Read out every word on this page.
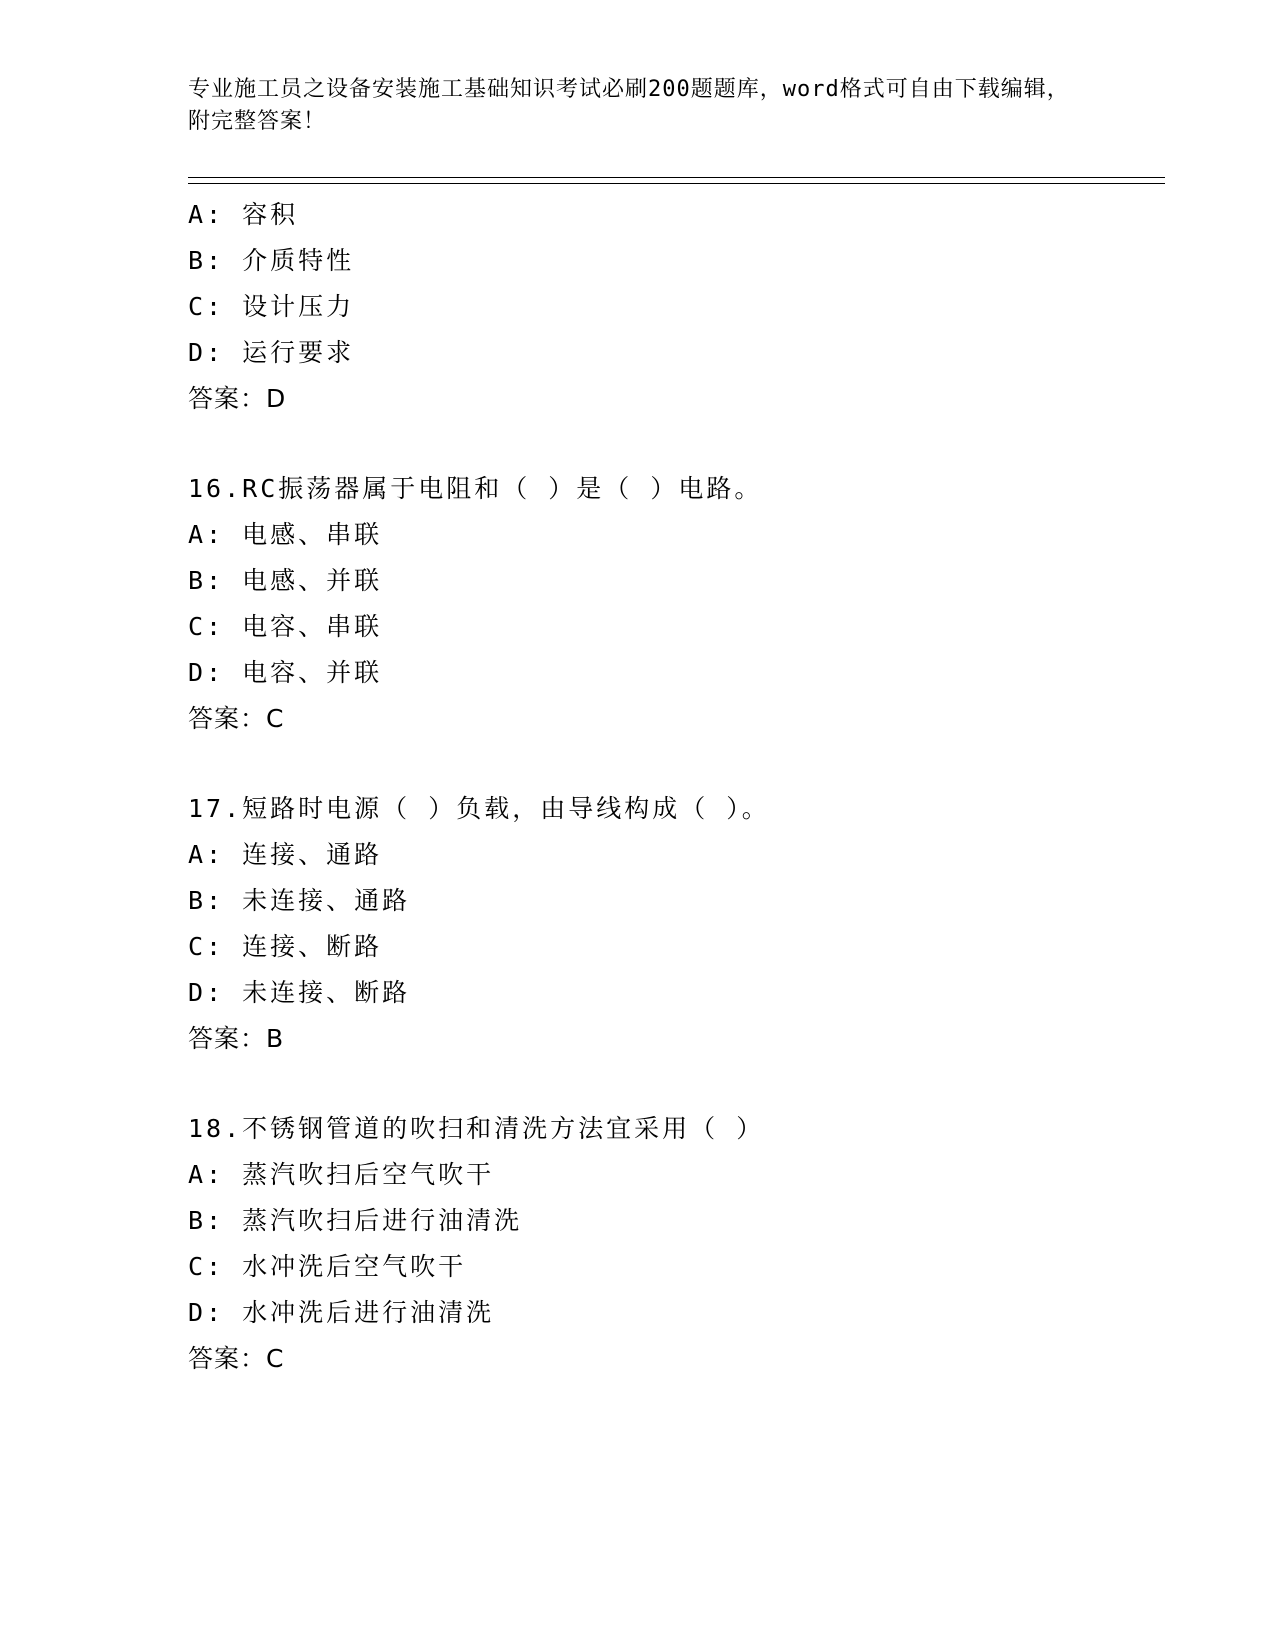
专业施工员之设备安装施工基础知识考试必刷200题题库，word格式可自由下载编辑，附完整答案！
A: 容积
B: 介质特性
C: 设计压力
D: 运行要求
答案：D
16.RC振荡器属于电阻和（ ）是（ ）电路。
A: 电感、串联
B: 电感、并联
C: 电容、串联
D: 电容、并联
答案：C
17.短路时电源（ ）负载，由导线构成（ ）。
A: 连接、通路
B: 未连接、通路
C: 连接、断路
D: 未连接、断路
答案：B
18.不锈钢管道的吹扫和清洗方法宜采用（ ）
A: 蒸汽吹扫后空气吹干
B: 蒸汽吹扫后进行油清洗
C: 水冲洗后空气吹干
D: 水冲洗后进行油清洗
答案：C
